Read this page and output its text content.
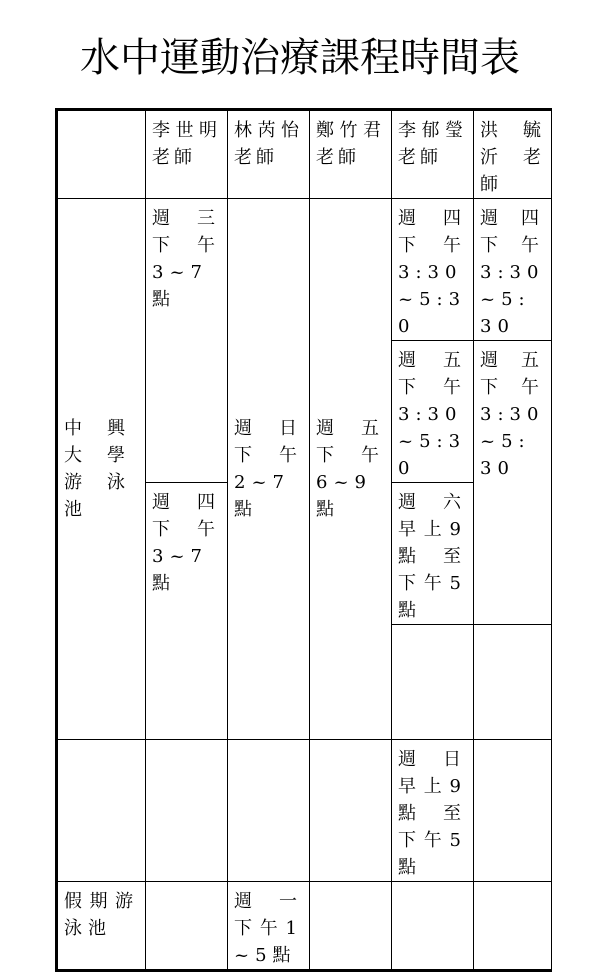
水中運動治療課程時間表
	李世明老師	林芮怡老師	鄭竹君老師	李郁瑩老師	洪毓沂老師
中興大學游泳池	週三下午 3~7點	週日下午 2~7點	週五下午 6~9點	週四下午3:30~5:30	週四下午3:30~5:30
				週五下午3:30~5:30	週五下午3:30~5:30
	週四下午 3~7點			週六早上9點至下午5點	

				週日早上9點至下午5點	
假期游泳池		週一下午1~5點			
